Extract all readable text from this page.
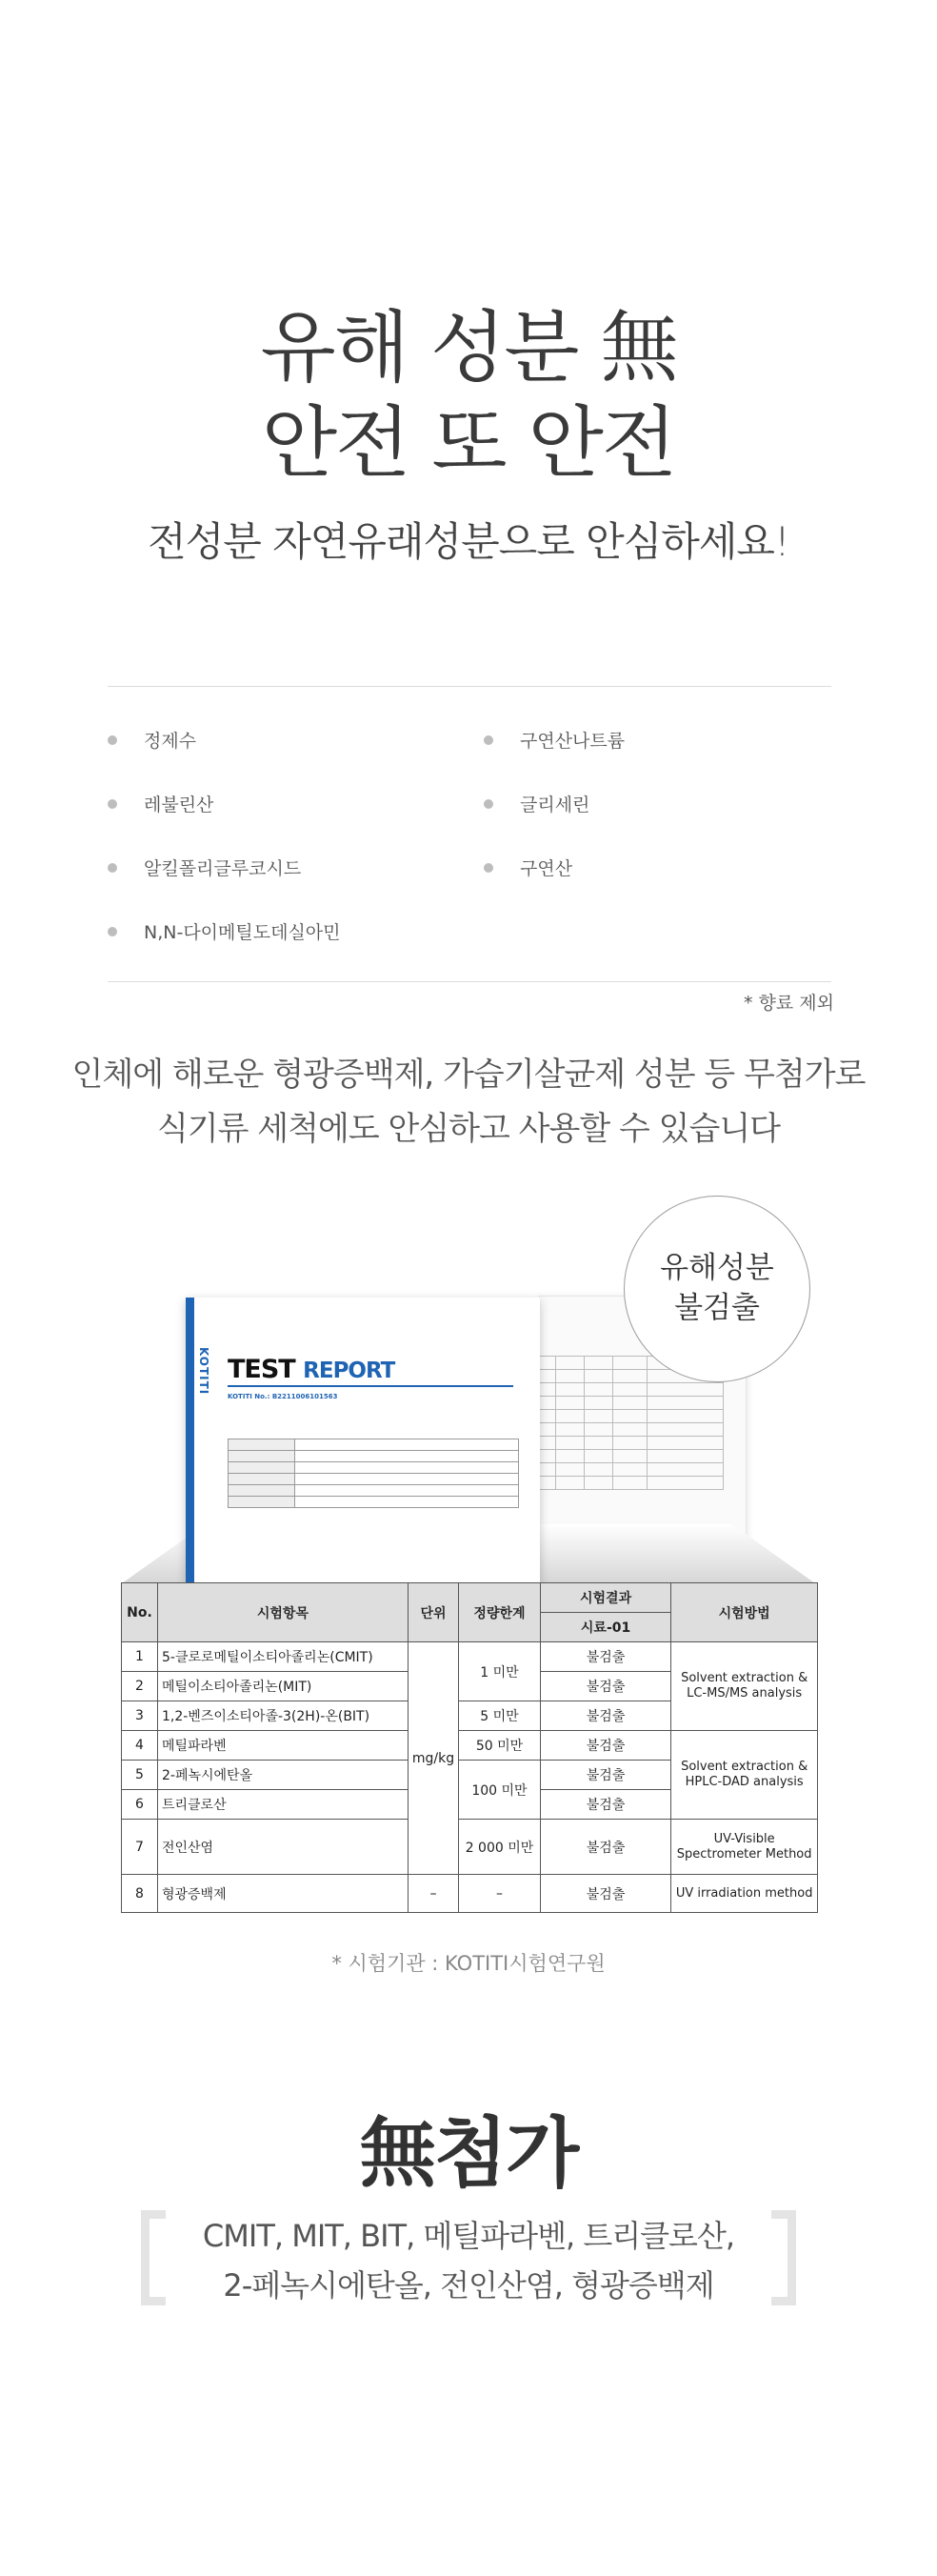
유해 성분 無
안전 또 안전
전성분 자연유래성분으로 안심하세요!
정제수
레불린산
알킬폴리글루코시드
N,N-다이메틸도데실아민
구연산나트륨
글리세린
구연산
* 향료 제외
인체에 해로운 형광증백제, 가습기살균제 성분 등 무첨가로
식기류 세척에도 안심하고 사용할 수 있습니다
유해성분
불검출

KOTITI TEST REPORT
KOTITI No.: B2211006101563

No.	시험항목	단위	정량한계	시험결과	시험방법
				시료-01	
1	5-클로로메틸이소티아졸리논(CMIT)	mg/kg	1 미만	불검출	Solvent extraction & LC-MS/MS analysis
2	메틸이소티아졸리논(MIT)			불검출	
3	1,2-벤즈이소티아졸-3(2H)-온(BIT)		5 미만	불검출	
4	메틸파라벤		50 미만	불검출	Solvent extraction & HPLC-DAD analysis
5	2-페녹시에탄올		100 미만	불검출	
6	트리클로산			불검출	
7	전인산염		2 000 미만	불검출	UV-Visible Spectrometer Method
8	형광증백제	–	–	불검출	UV irradiation method
* 시험기관 : KOTITI시험연구원
無첨가
CMIT, MIT, BIT, 메틸파라벤, 트리클로산,
2-페녹시에탄올, 전인산염, 형광증백제
